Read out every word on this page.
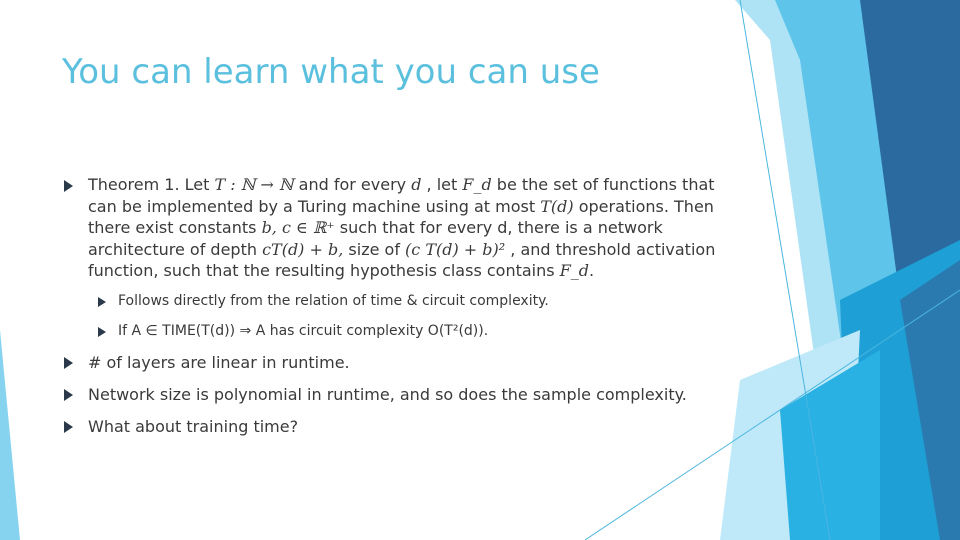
You can learn what you can use
Theorem 1. Let T : ℕ → ℕ and for every d , let F_d be the set of functions that can be implemented by a Turing machine using at most T(d) operations. Then there exist constants b, c ∈ ℝ⁺ such that for every d, there is a network architecture of depth cT(d) + b, size of (c T(d) + b)² , and threshold activation function, such that the resulting hypothesis class contains F_d.
Follows directly from the relation of time & circuit complexity.
If A ∈ TIME(T(d)) ⇒ A has circuit complexity O(T²(d)).
# of layers are linear in runtime.
Network size is polynomial in runtime, and so does the sample complexity.
What about training time?
